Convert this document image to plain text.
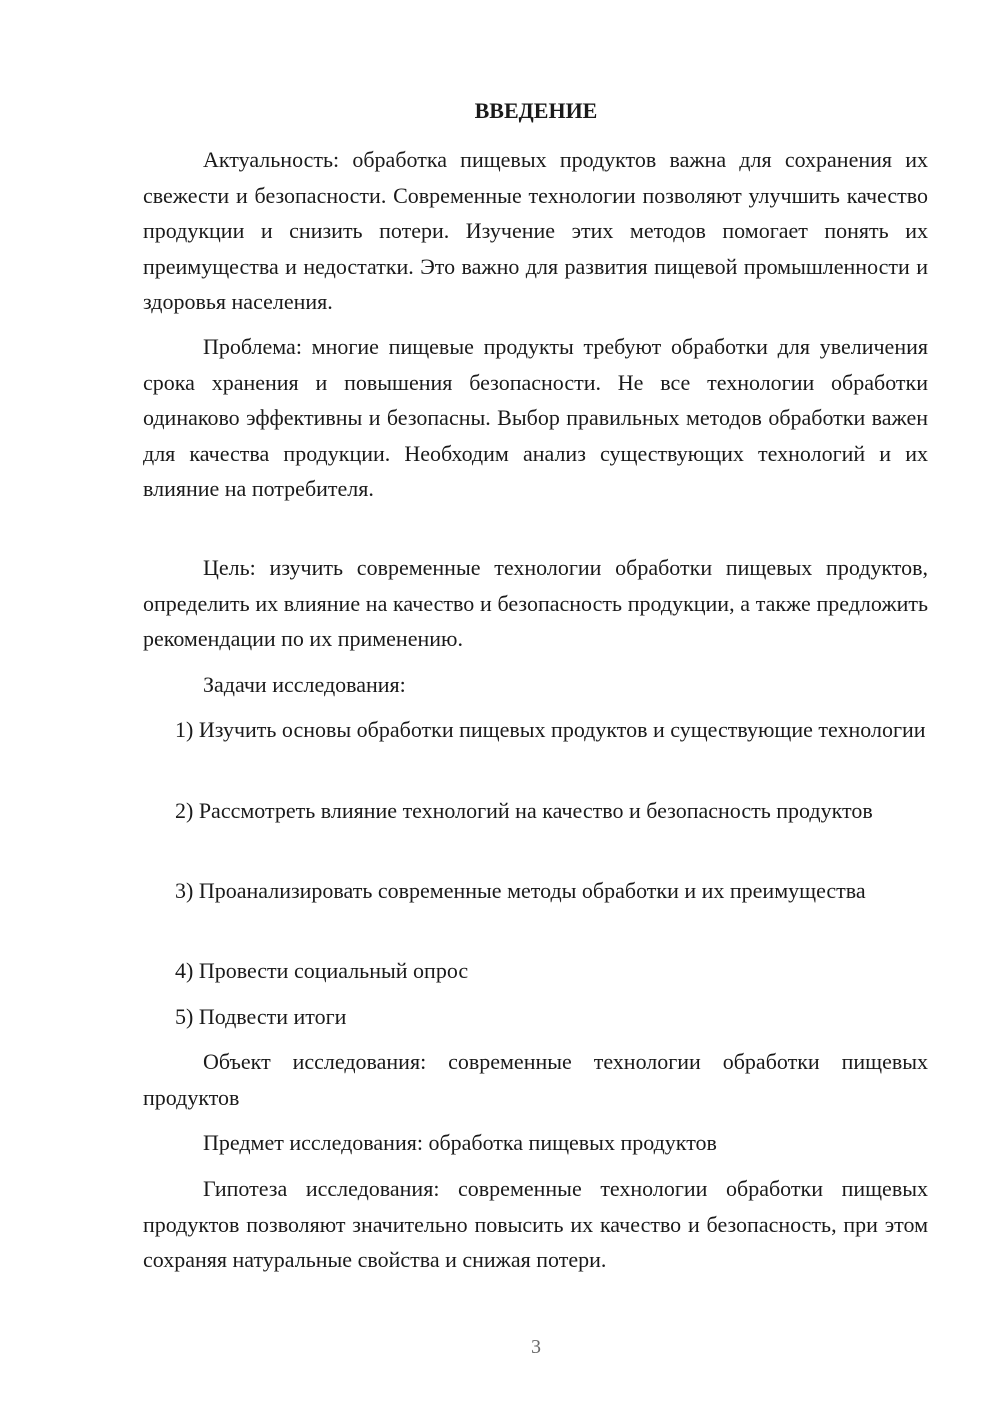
ВВЕДЕНИЕ

Актуальность: обработка пищевых продуктов важна для сохранения их свежести и безопасности. Современные технологии позволяют улучшить качество продукции и снизить потери. Изучение этих методов помогает понять их преимущества и недостатки. Это важно для развития пищевой промышленности и здоровья населения.

Проблема: многие пищевые продукты требуют обработки для увеличения срока хранения и повышения безопасности. Не все технологии обработки одинаково эффективны и безопасны. Выбор правильных методов обработки важен для качества продукции. Необходим анализ существующих технологий и их влияние на потребителя.

Цель: изучить современные технологии обработки пищевых продуктов, определить их влияние на качество и безопасность продукции, а также предложить рекомендации по их применению.

Задачи исследования:

1) Изучить основы обработки пищевых продуктов и существующие технологии

2) Рассмотреть влияние технологий на качество и безопасность продуктов

3) Проанализировать современные методы обработки и их преимущества

4) Провести социальный опрос

5) Подвести итоги

Объект исследования: современные технологии обработки пищевых продуктов

Предмет исследования: обработка пищевых продуктов

Гипотеза исследования: современные технологии обработки пищевых продуктов позволяют значительно повысить их качество и безопасность, при этом сохраняя натуральные свойства и снижая потери.

3
